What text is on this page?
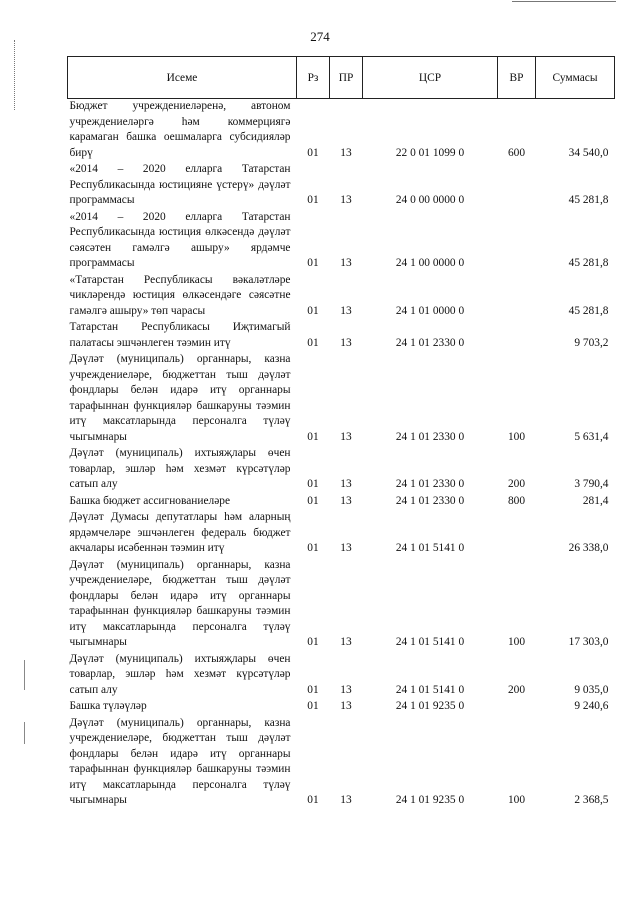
274
Исеме	Рз	ПР	ЦСР	ВР	Суммасы
Бюджет учреждениеләренә, автоном учреждениеләргә һәм коммерциягә карамаган башка оешмаларга субсидияләр бирү	01	13	22 0 01 1099 0	600	34 540,0
«2014 – 2020 елларга Татарстан Республикасында юстицияне үстерү» дәүләт программасы	01	13	24 0 00 0000 0		45 281,8
«2014 – 2020 елларга Татарстан Республикасында юстиция өлкәсендә дәүләт сәясәтен гамәлгә ашыру» ярдәмче программасы	01	13	24 1 00 0000 0		45 281,8
«Татарстан Республикасы вәкаләтләре чикләрендә юстиция өлкәсендәге сәясәтне гамәлгә ашыру» төп чарасы	01	13	24 1 01 0000 0		45 281,8
Татарстан Республикасы Иҗтимагый палатасы эшчәнлеген тәэмин итү	01	13	24 1 01 2330 0		9 703,2
Дәүләт (муниципаль) органнары, казна учреждениеләре, бюджеттан тыш дәүләт фондлары белән идарә итү органнары тарафыннан функцияләр башкаруны тәэмин итү максатларында персоналга түләү чыгымнары	01	13	24 1 01 2330 0	100	5 631,4
Дәүләт (муниципаль) ихтыяҗлары өчен товарлар, эшләр һәм хезмәт күрсәтүләр сатып алу	01	13	24 1 01 2330 0	200	3 790,4
Башка бюджет ассигнованиеләре	01	13	24 1 01 2330 0	800	281,4
Дәүләт Думасы депутатлары һәм аларның ярдәмчеләре эшчәнлеген федераль бюджет акчалары исәбеннән тәэмин итү	01	13	24 1 01 5141 0		26 338,0
Дәүләт (муниципаль) органнары, казна учреждениеләре, бюджеттан тыш дәүләт фондлары белән идарә итү органнары тарафыннан функцияләр башкаруны тәэмин итү максатларында персоналга түләү чыгымнары	01	13	24 1 01 5141 0	100	17 303,0
Дәүләт (муниципаль) ихтыяҗлары өчен товарлар, эшләр һәм хезмәт күрсәтүләр сатып алу	01	13	24 1 01 5141 0	200	9 035,0
Башка түләүләр	01	13	24 1 01 9235 0		9 240,6
Дәүләт (муниципаль) органнары, казна учреждениеләре, бюджеттан тыш дәүләт фондлары белән идарә итү органнары тарафыннан функцияләр башкаруны тәэмин итү максатларында персоналга түләү чыгымнары	01	13	24 1 01 9235 0	100	2 368,5
